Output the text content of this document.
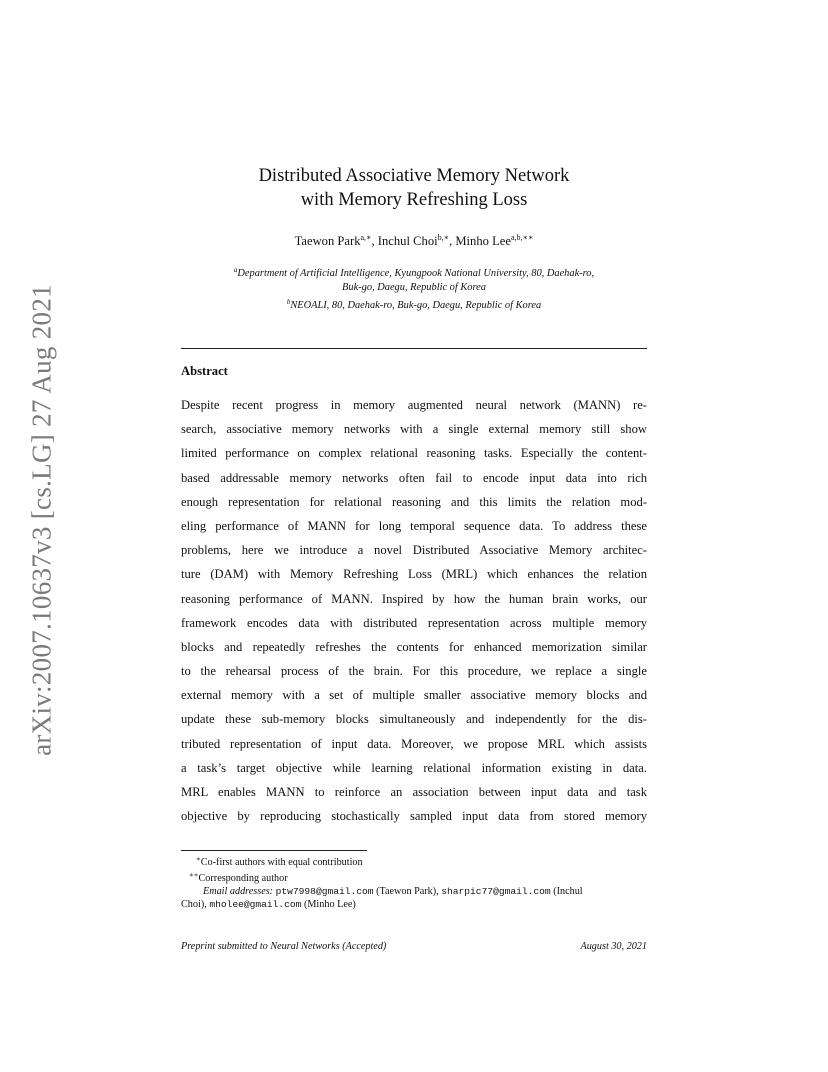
arXiv:2007.10637v3 [cs.LG] 27 Aug 2021
Distributed Associative Memory Network
with Memory Refreshing Loss
Taewon Park$^{a,∗}$, Inchul Choi$^{b,∗}$, Minho Lee$^{a,b,∗∗}$
$^a$Department of Artificial Intelligence, Kyungpook National University, 80, Daehak-ro,
Buk-go, Daegu, Republic of Korea
$^b$NEOALI, 80, Daehak-ro, Buk-go, Daegu, Republic of Korea
Abstract
Despite recent progress in memory augmented neural network (MANN) re-
search, associative memory networks with a single external memory still show
limited performance on complex relational reasoning tasks. Especially the content-
based addressable memory networks often fail to encode input data into rich
enough representation for relational reasoning and this limits the relation mod-
eling performance of MANN for long temporal sequence data. To address these
problems, here we introduce a novel Distributed Associative Memory architec-
ture (DAM) with Memory Refreshing Loss (MRL) which enhances the relation
reasoning performance of MANN. Inspired by how the human brain works, our
framework encodes data with distributed representation across multiple memory
blocks and repeatedly refreshes the contents for enhanced memorization similar
to the rehearsal process of the brain. For this procedure, we replace a single
external memory with a set of multiple smaller associative memory blocks and
update these sub-memory blocks simultaneously and independently for the dis-
tributed representation of input data. Moreover, we propose MRL which assists
a task’s target objective while learning relational information existing in data.
MRL enables MANN to reinforce an association between input data and task
objective by reproducing stochastically sampled input data from stored memory
∗Co-first authors with equal contribution
∗∗Corresponding author
Email addresses: ptw7998@gmail.com (Taewon Park), sharpic77@gmail.com (Inchul
Choi), mholee@gmail.com (Minho Lee)
Preprint submitted to Neural Networks (Accepted)	August 30, 2021
